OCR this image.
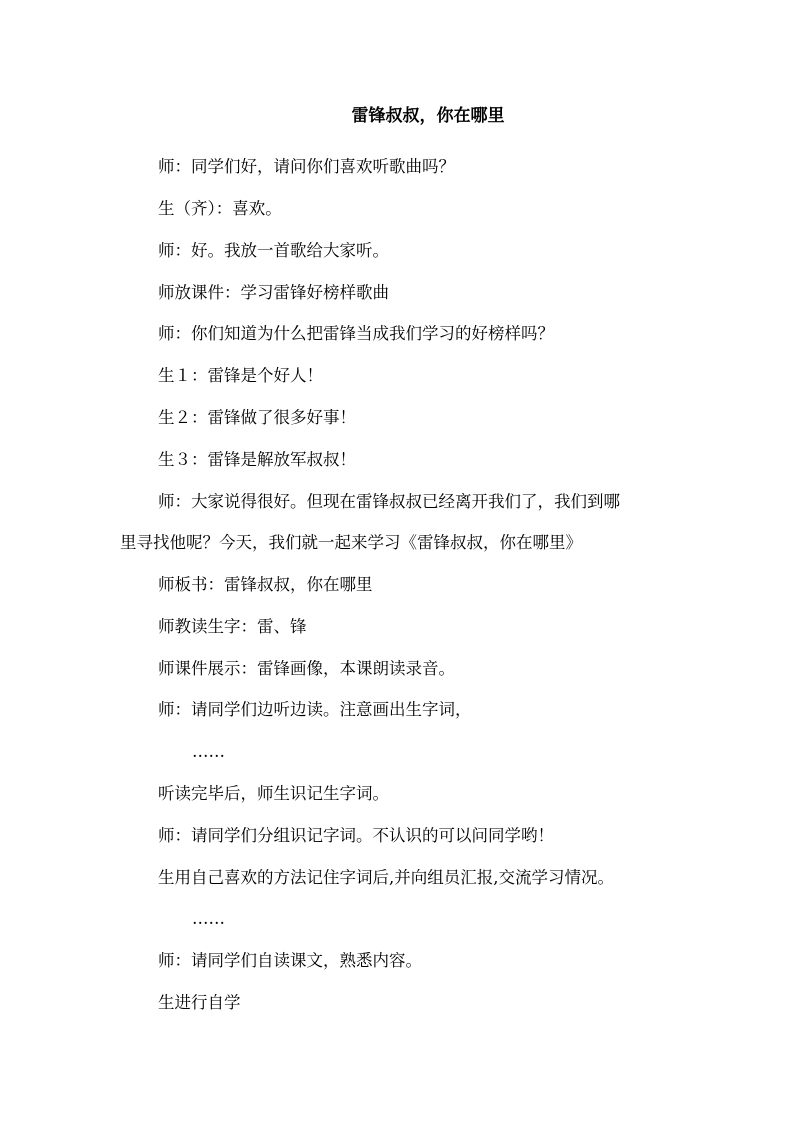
雷锋叔叔，你在哪里
师：同学们好，请问你们喜欢听歌曲吗？
生（齐）：喜欢。
师：好。我放一首歌给大家听。
师放课件：学习雷锋好榜样歌曲
师：你们知道为什么把雷锋当成我们学习的好榜样吗？
生１：雷锋是个好人！
生２：雷锋做了很多好事！
生３：雷锋是解放军叔叔！
师：大家说得很好。但现在雷锋叔叔已经离开我们了，我们到哪
里寻找他呢？今天，我们就一起来学习《雷锋叔叔，你在哪里》
师板书：雷锋叔叔，你在哪里
师教读生字：雷、锋
师课件展示：雷锋画像，本课朗读录音。
师：请同学们边听边读。注意画出生字词，
……
听读完毕后，师生识记生字词。
师：请同学们分组识记字词。不认识的可以问同学哟！
生用自己喜欢的方法记住字词后,并向组员汇报,交流学习情况。
……
师：请同学们自读课文，熟悉内容。
生进行自学
